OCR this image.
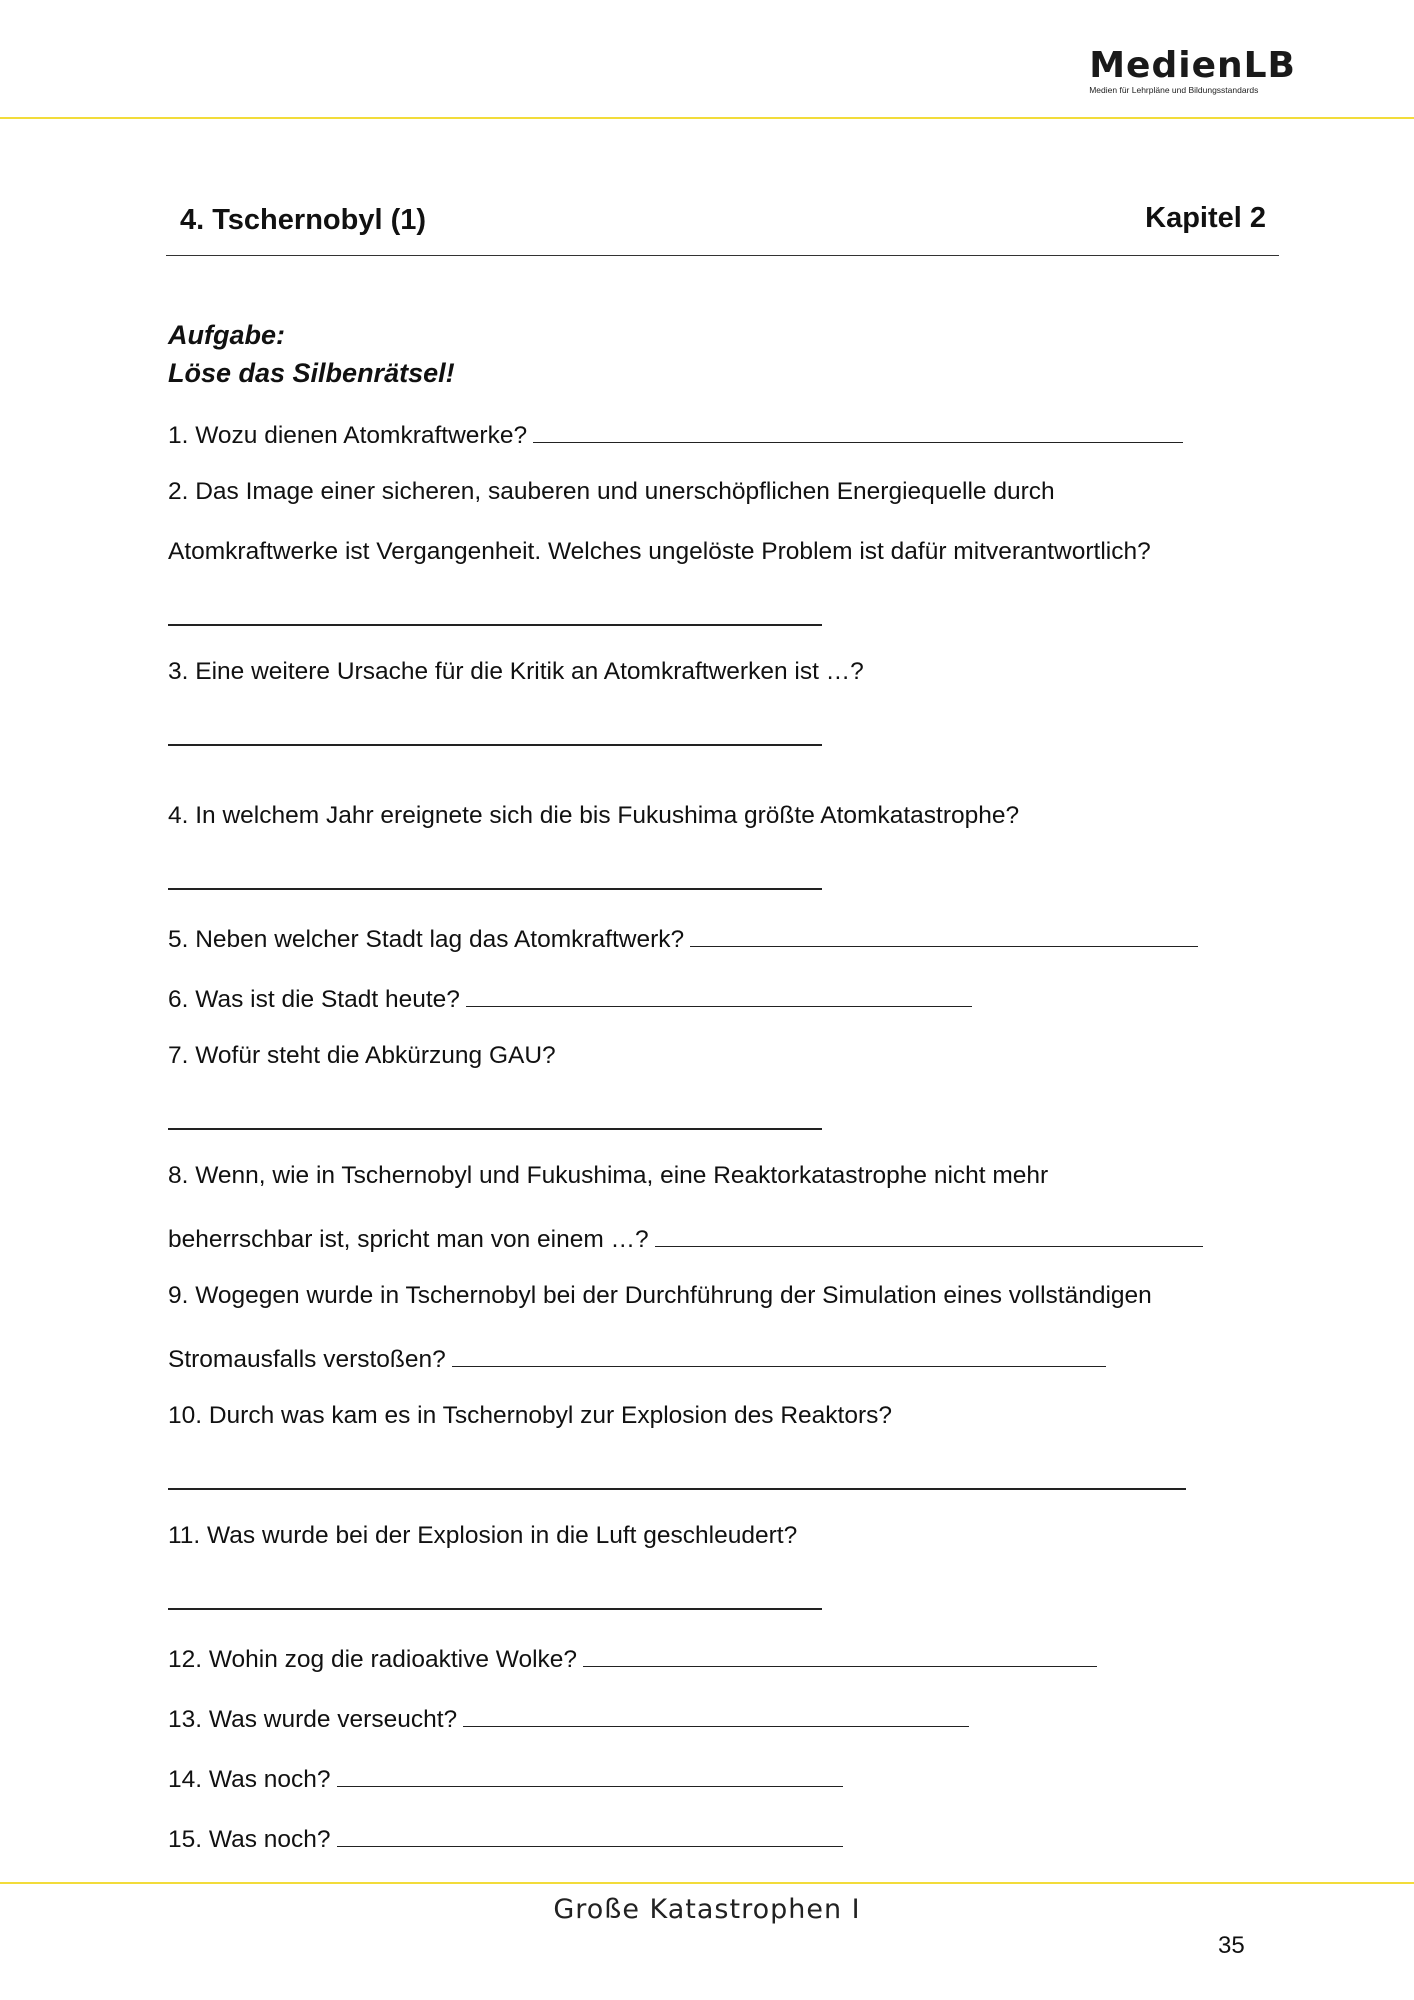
MedienLB
Medien für Lehrpläne und Bildungsstandards
4. Tschernobyl (1)	Kapitel 2
Aufgabe:
Löse das Silbenrätsel!
1. Wozu dienen Atomkraftwerke?
2. Das Image einer sicheren, sauberen und unerschöpflichen Energiequelle durch
Atomkraftwerke ist Vergangenheit. Welches ungelöste Problem ist dafür mitverantwortlich?
3. Eine weitere Ursache für die Kritik an Atomkraftwerken ist …?
4. In welchem Jahr ereignete sich die bis Fukushima größte Atomkatastrophe?
5. Neben welcher Stadt lag das Atomkraftwerk?
6. Was ist die Stadt heute?
7. Wofür steht die Abkürzung GAU?
8. Wenn, wie in Tschernobyl und Fukushima, eine Reaktorkatastrophe nicht mehr
beherrschbar ist, spricht man von einem …?
9. Wogegen wurde in Tschernobyl bei der Durchführung der Simulation eines vollständigen
Stromausfalls verstoßen?
10. Durch was kam es in Tschernobyl zur Explosion des Reaktors?
11. Was wurde bei der Explosion in die Luft geschleudert?
12. Wohin zog die radioaktive Wolke?
13. Was wurde verseucht?
14. Was noch?
15. Was noch?
Große Katastrophen I
35
